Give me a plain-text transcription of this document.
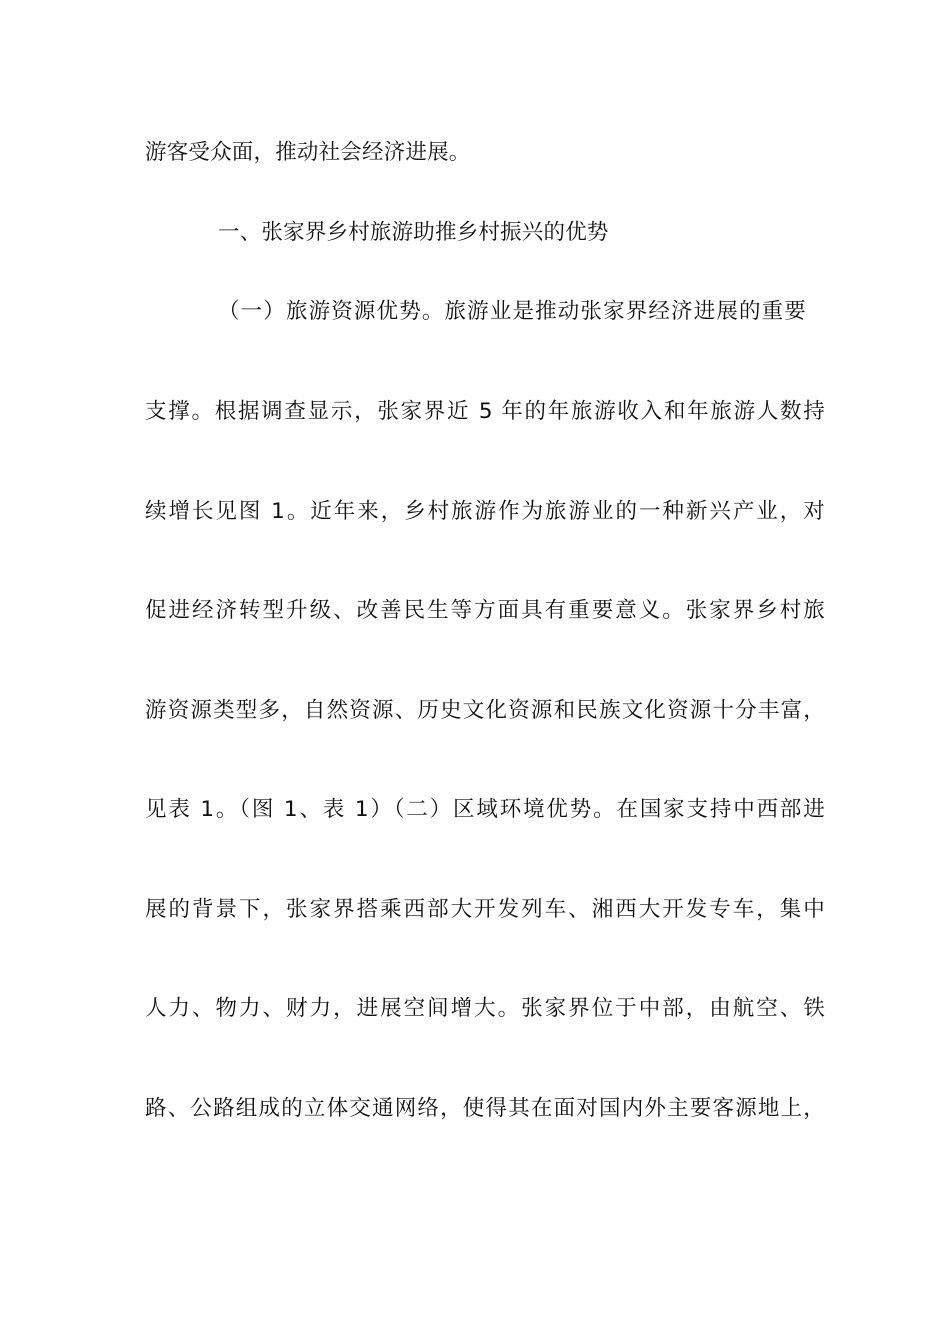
游客受众面，推动社会经济进展。
一、张家界乡村旅游助推乡村振兴的优势
（一）旅游资源优势。旅游业是推动张家界经济进展的重要
支撑。根据调查显示，张家界近 5 年的年旅游收入和年旅游人数持
续增长见图 1。近年来，乡村旅游作为旅游业的一种新兴产业，对
促进经济转型升级、改善民生等方面具有重要意义。张家界乡村旅
游资源类型多，自然资源、历史文化资源和民族文化资源十分丰富，
见表 1。（图 1、表 1）（二）区域环境优势。在国家支持中西部进
展的背景下，张家界搭乘西部大开发列车、湘西大开发专车，集中
人力、物力、财力，进展空间增大。张家界位于中部，由航空、铁
路、公路组成的立体交通网络，使得其在面对国内外主要客源地上，
